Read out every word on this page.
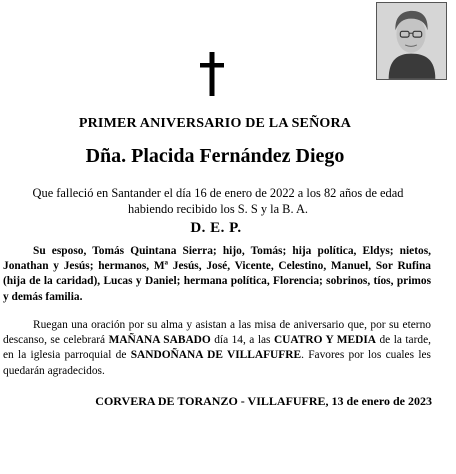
PRIMER ANIVERSARIO DE LA SEÑORA
Dña. Placida Fernández Diego
Que falleció en Santander el día 16 de enero de 2022 a los 82 años de edad habiendo recibido los S. S y la B. A.
D. E. P.
Su esposo, Tomás Quintana Sierra; hijo, Tomás; hija política, Eldys; nietos, Jonathan y Jesús; hermanos, Mª Jesús, José, Vicente, Celestino, Manuel, Sor Rufina (hija de la caridad), Lucas y Daniel; hermana política, Florencia; sobrinos, tíos, primos y demás familia.
Ruegan una oración por su alma y asistan a las misa de aniversario que, por su eterno descanso, se celebrará MAÑANA SABADO día 14, a las CUATRO Y MEDIA de la tarde, en la iglesia parroquial de SANDOÑANA DE VILLAFUFRE. Favores por los cuales les quedarán agradecidos.
CORVERA DE TORANZO - VILLAFUFRE, 13 de enero de 2023
